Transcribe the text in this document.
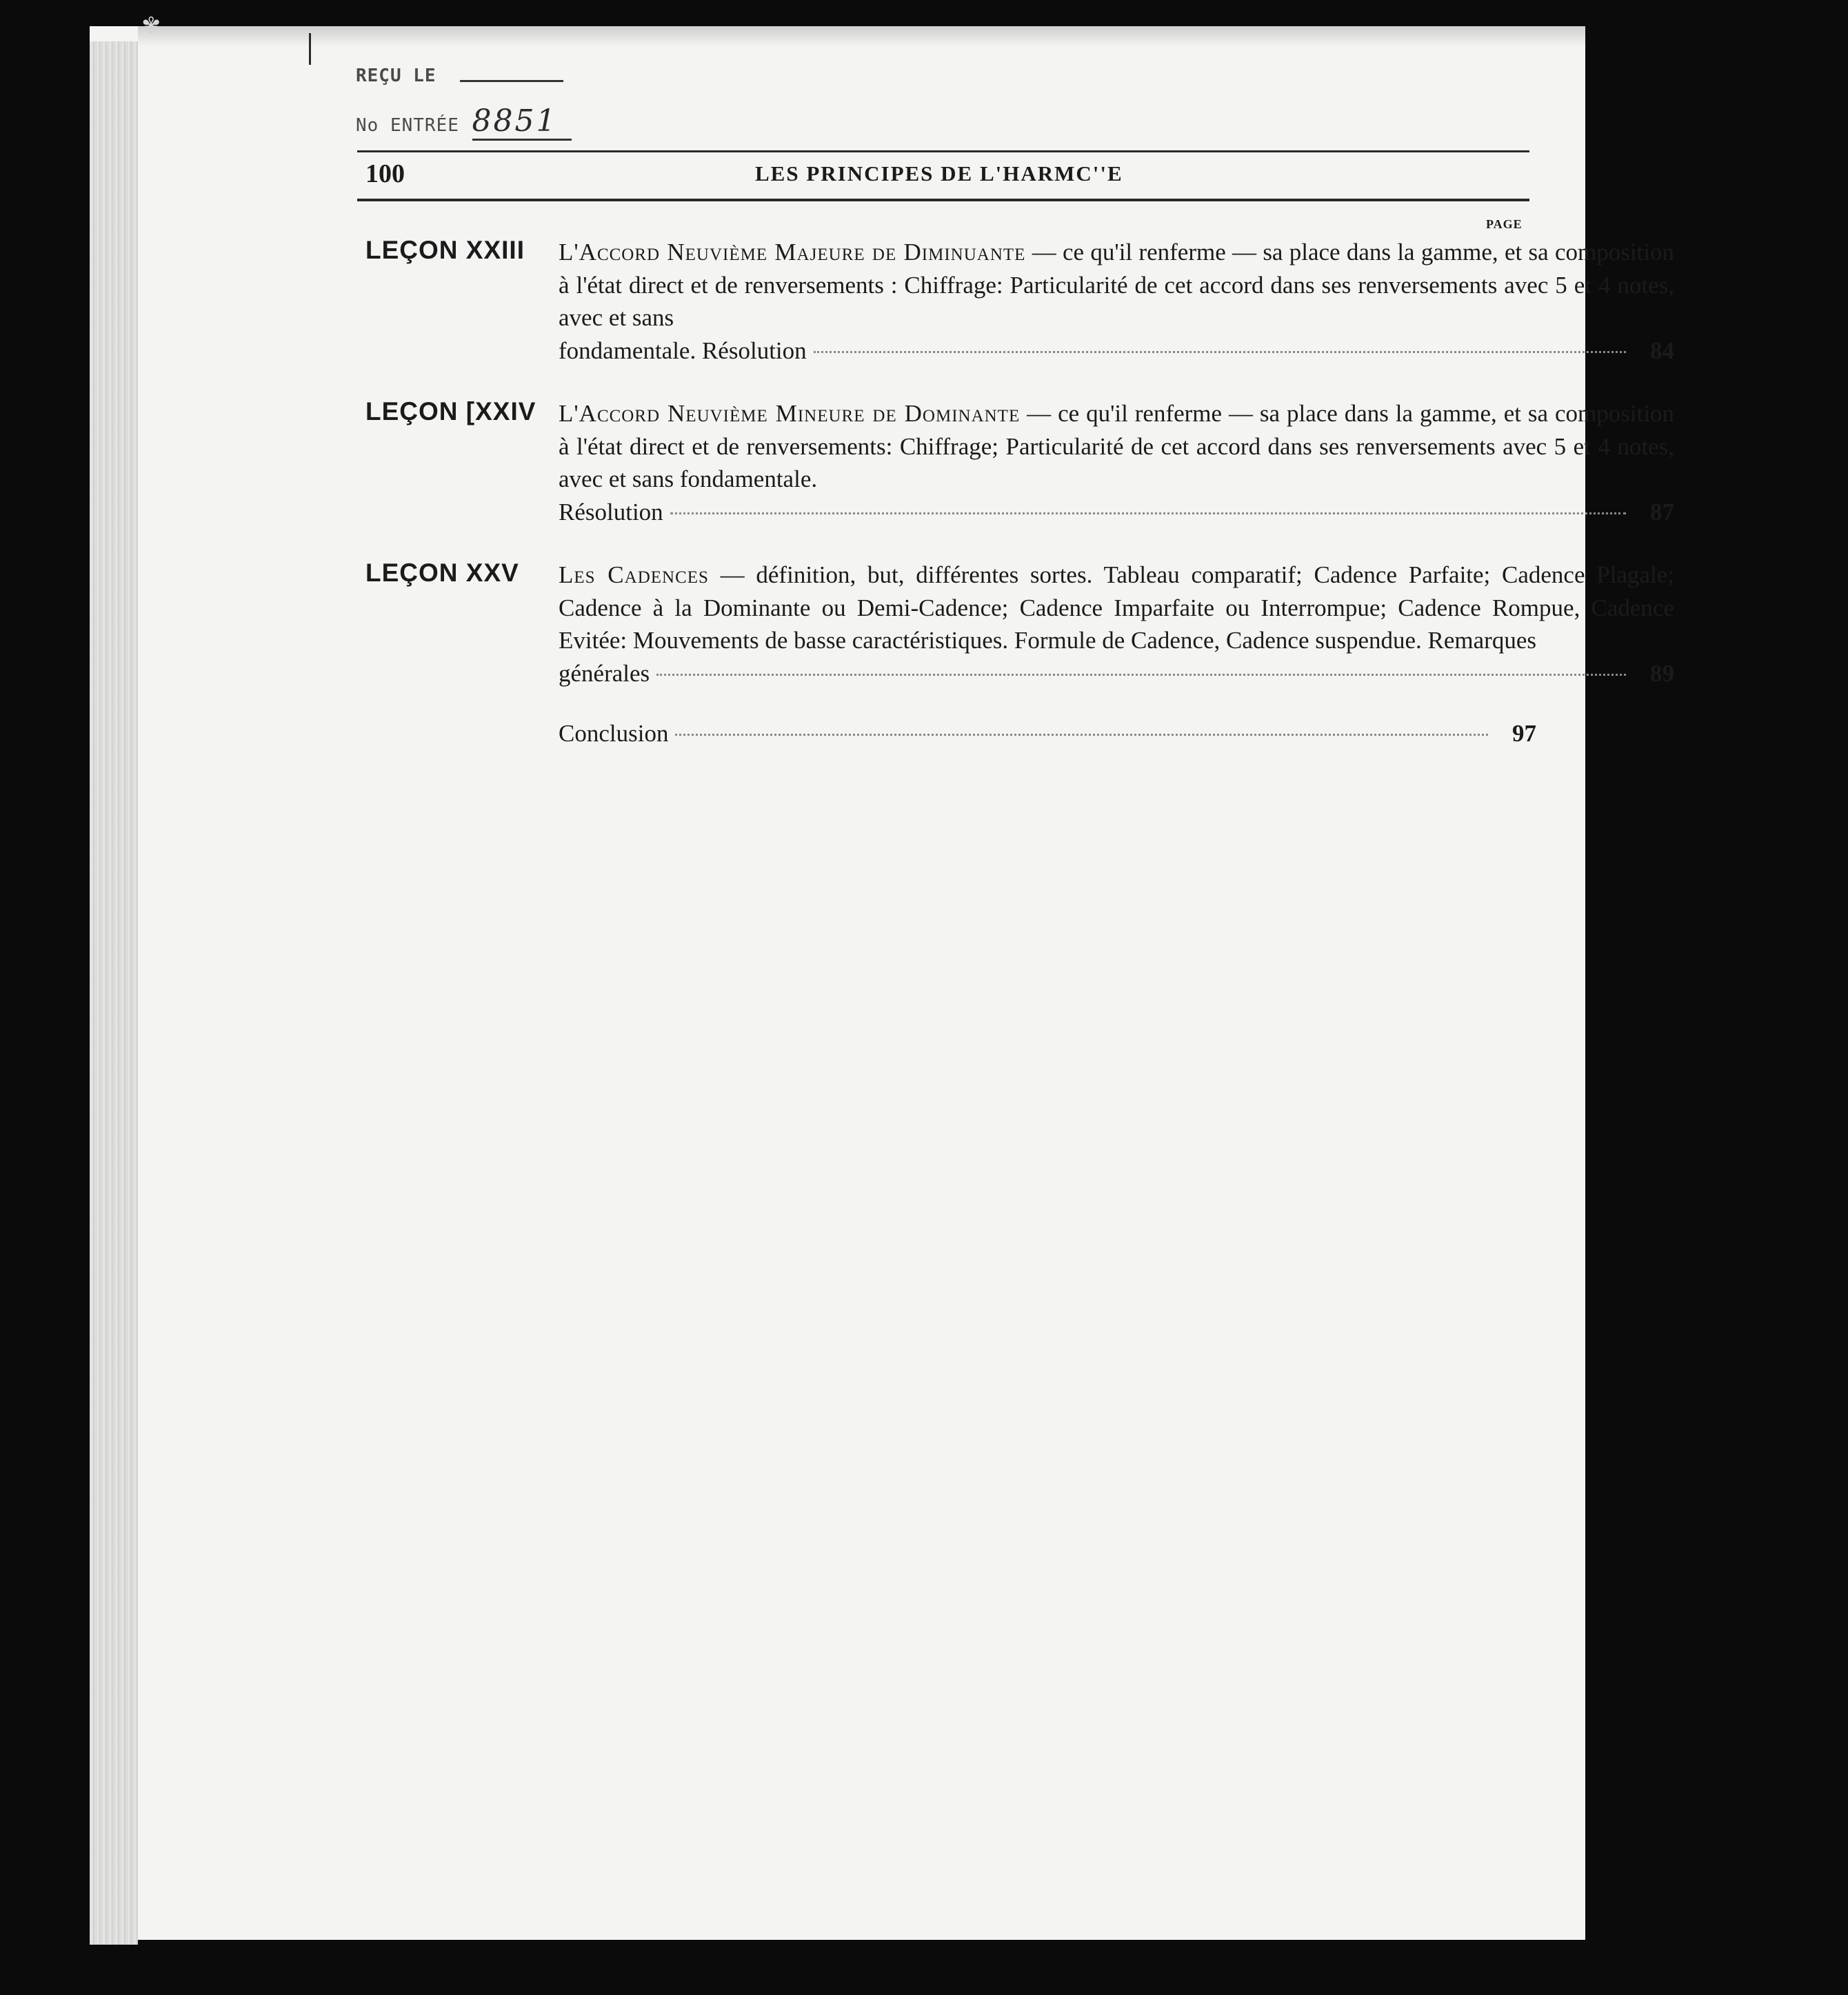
✾
REÇU LE
No ENTRÉE 8851
100	LES PRINCIPES DE L'HARMC''E
PAGE
LEÇON XXIII L'Accord Neuvième Majeure de Diminuante — ce qu'il renferme — sa place dans la gamme, et sa composition à l'état direct et de renversements : Chiffrage: Particularité de cet accord dans ses renversements avec 5 et 4 notes, avec et sans
fondamentale. Résolution	84
LEÇON [XXIV L'Accord Neuvième Mineure de Dominante — ce qu'il renferme — sa place dans la gamme, et sa composition à l'état direct et de renversements: Chiffrage; Particularité de cet accord dans ses renversements avec 5 et 4 notes, avec et sans fondamentale.
Résolution	87
LEÇON XXV Les Cadences — définition, but, différentes sortes. Tableau comparatif; Cadence Parfaite; Cadence Plagale; Cadence à la Dominante ou Demi-Cadence; Cadence Imparfaite ou Interrompue; Cadence Rompue, Cadence Evitée: Mouvements de basse caractéristiques. Formule de Cadence, Cadence suspendue. Remarques
générales	89
Conclusion	97
